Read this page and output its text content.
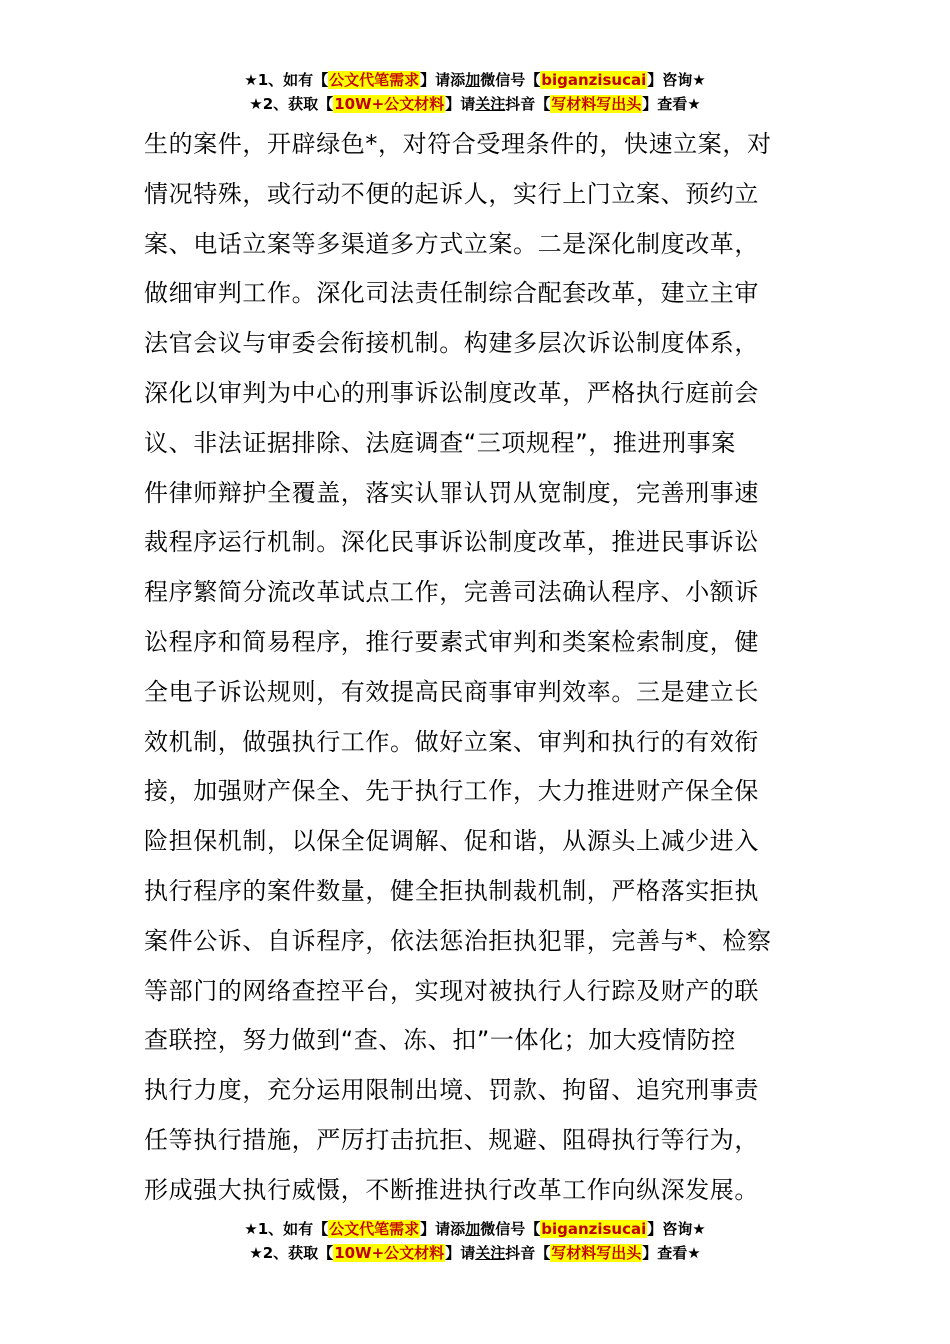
★1、如有【公文代笔需求】请添加微信号【biganzisucai】咨询★
★2、获取【10W+公文材料】请关注抖音【写材料写出头】查看★
生的案件，开辟绿色*，对符合受理条件的，快速立案，对
情况特殊，或行动不便的起诉人，实行上门立案、预约立
案、电话立案等多渠道多方式立案。二是深化制度改革，
做细审判工作。深化司法责任制综合配套改革，建立主审
法官会议与审委会衔接机制。构建多层次诉讼制度体系，
深化以审判为中心的刑事诉讼制度改革，严格执行庭前会
议、非法证据排除、法庭调查“三项规程”，推进刑事案
件律师辩护全覆盖，落实认罪认罚从宽制度，完善刑事速
裁程序运行机制。深化民事诉讼制度改革，推进民事诉讼
程序繁简分流改革试点工作，完善司法确认程序、小额诉
讼程序和简易程序，推行要素式审判和类案检索制度，健
全电子诉讼规则，有效提高民商事审判效率。三是建立长
效机制，做强执行工作。做好立案、审判和执行的有效衔
接，加强财产保全、先于执行工作，大力推进财产保全保
险担保机制，以保全促调解、促和谐，从源头上减少进入
执行程序的案件数量，健全拒执制裁机制，严格落实拒执
案件公诉、自诉程序，依法惩治拒执犯罪，完善与*、检察
等部门的网络查控平台，实现对被执行人行踪及财产的联
查联控，努力做到“查、冻、扣”一体化；加大疫情防控
执行力度，充分运用限制出境、罚款、拘留、追究刑事责
任等执行措施，严厉打击抗拒、规避、阻碍执行等行为，
形成强大执行威慑，不断推进执行改革工作向纵深发展。
★1、如有【公文代笔需求】请添加微信号【biganzisucai】咨询★
★2、获取【10W+公文材料】请关注抖音【写材料写出头】查看★
